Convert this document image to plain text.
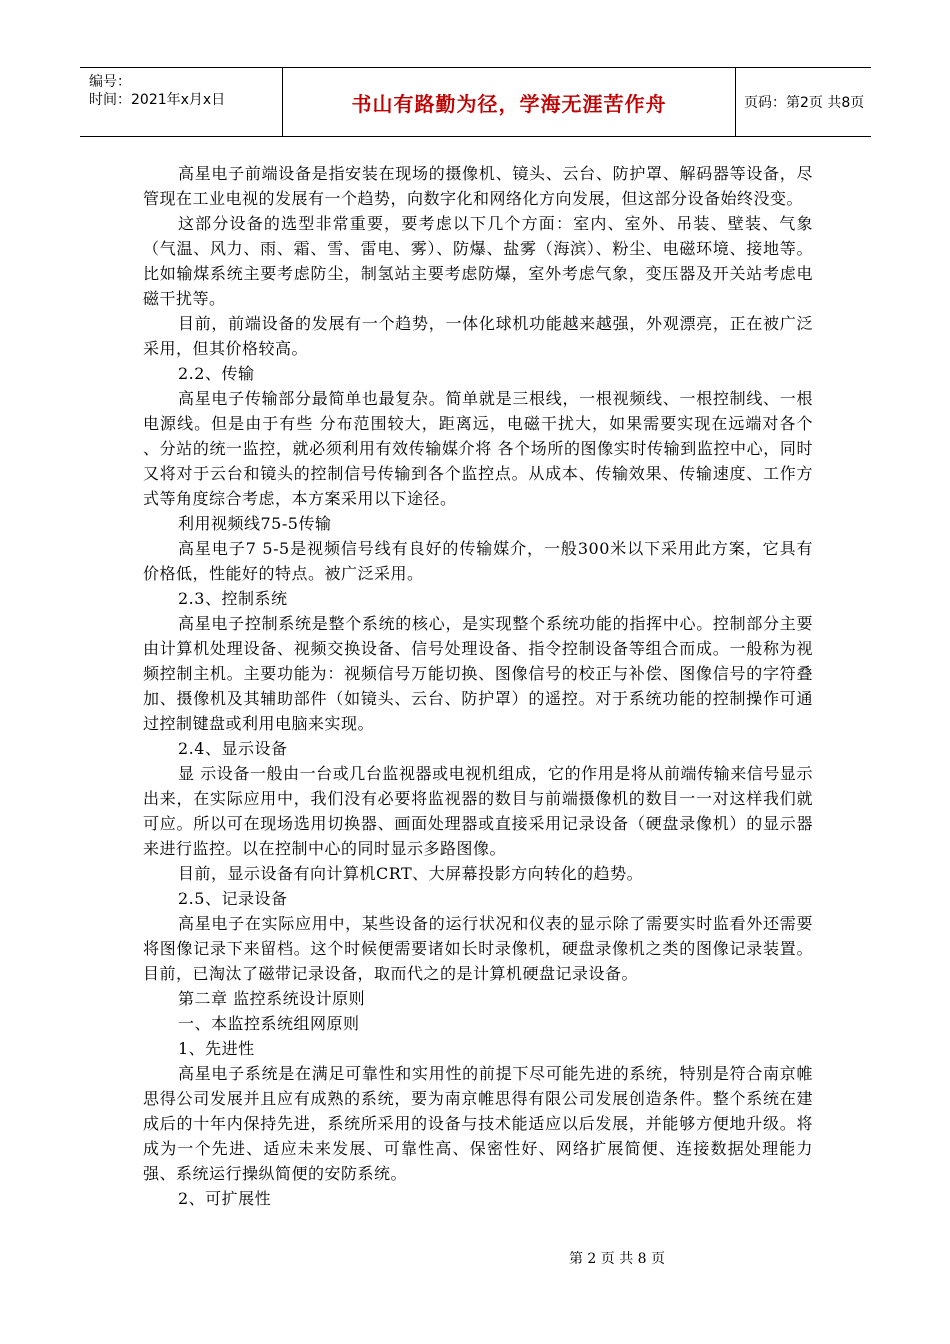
编号：
时间：2021年x月x日	书山有路勤为径，学海无涯苦作舟	页码：第2页 共8页

高星电子前端设备是指安装在现场的摄像机、镜头、云台、防护罩、解码器等设备，尽管现在工业电视的发展有一个趋势，向数字化和网络化方向发展，但这部分设备始终没变。

这部分设备的选型非常重要，要考虑以下几个方面：室内、室外、吊装、壁装、气象（气温、风力、雨、霜、雪、雷电、雾）、防爆、盐雾（海滨）、粉尘、电磁环境、接地等。比如输煤系统主要考虑防尘，制氢站主要考虑防爆，室外考虑气象，变压器及开关站考虑电磁干扰等。

目前，前端设备的发展有一个趋势，一体化球机功能越来越强，外观漂亮，正在被广泛采用，但其价格较高。

2.2、传输

高星电子传输部分最简单也最复杂。简单就是三根线，一根视频线、一根控制线、一根电源线。但是由于有些 分布范围较大，距离远，电磁干扰大，如果需要实现在远端对各个 、分站的统一监控，就必须利用有效传输媒介将 各个场所的图像实时传输到监控中心，同时又将对于云台和镜头的控制信号传输到各个监控点。从成本、传输效果、传输速度、工作方式等角度综合考虑，本方案采用以下途径。

利用视频线75-5传输

高星电子7 5-5是视频信号线有良好的传输媒介，一般300米以下采用此方案，它具有价格低，性能好的特点。被广泛采用。

2.3、控制系统

高星电子控制系统是整个系统的核心，是实现整个系统功能的指挥中心。控制部分主要由计算机处理设备、视频交换设备、信号处理设备、指令控制设备等组合而成。一般称为视频控制主机。主要功能为：视频信号万能切换、图像信号的校正与补偿、图像信号的字符叠加、摄像机及其辅助部件（如镜头、云台、防护罩）的遥控。对于系统功能的控制操作可通过控制键盘或利用电脑来实现。

2.4、显示设备

显 示设备一般由一台或几台监视器或电视机组成，它的作用是将从前端传输来信号显示出来，在实际应用中，我们没有必要将监视器的数目与前端摄像机的数目一一对这样我们就可应。所以可在现场选用切换器、画面处理器或直接采用记录设备（硬盘录像机）的显示器来进行监控。以在控制中心的同时显示多路图像。

目前，显示设备有向计算机CRT、大屏幕投影方向转化的趋势。

2.5、记录设备

高星电子在实际应用中，某些设备的运行状况和仪表的显示除了需要实时监看外还需要将图像记录下来留档。这个时候便需要诸如长时录像机，硬盘录像机之类的图像记录装置。目前，已淘汰了磁带记录设备，取而代之的是计算机硬盘记录设备。

第二章 监控系统设计原则

一、本监控系统组网原则

1、先进性

高星电子系统是在满足可靠性和实用性的前提下尽可能先进的系统，特别是符合南京帷思得公司发展并且应有成熟的系统，要为南京帷思得有限公司发展创造条件。整个系统在建成后的十年内保持先进，系统所采用的设备与技术能适应以后发展，并能够方便地升级。将成为一个先进、适应未来发展、可靠性高、保密性好、网络扩展简便、连接数据处理能力强、系统运行操纵简便的安防系统。

2、可扩展性

第 2 页 共 8 页
